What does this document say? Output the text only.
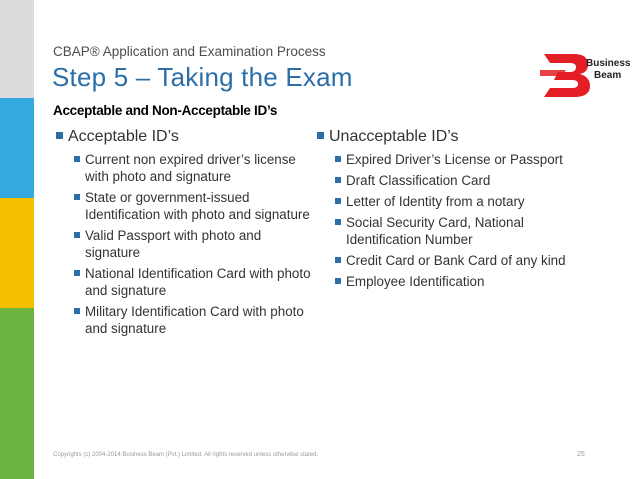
CBAP® Application and Examination Process
Step 5 – Taking the Exam
Acceptable and Non-Acceptable ID’s
Business
Beam
Acceptable ID’s
Current non expired driver’s license with photo and signature
State or government-issued Identification with photo and signature
Valid Passport with photo and signature
National Identification Card with photo and signature
Military Identification Card with photo and signature
Unacceptable ID’s
Expired Driver’s License or Passport
Draft Classification Card
Letter of Identity from a notary
Social Security Card, National Identification Number
Credit Card or Bank Card of any kind
Employee Identification
Copyrights (c) 2004-2014 Business Beam (Pvt.) Limited. All rights reserved unless otherwise stated.	25
